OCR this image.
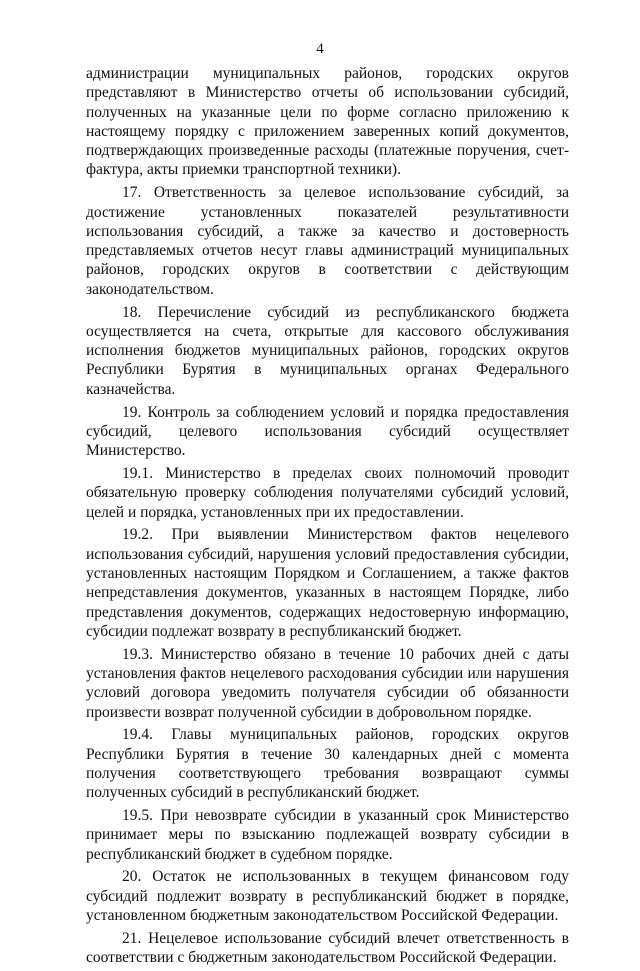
4

администрации муниципальных районов, городских округов представляют в Министерство отчеты об использовании субсидий, полученных на указанные цели по форме согласно приложению к настоящему порядку с приложением заверенных копий документов, подтверждающих произведенные расходы (платежные поручения, счет-фактура, акты приемки транспортной техники).

17. Ответственность за целевое использование субсидий, за достижение установленных показателей результативности использования субсидий, а также за качество и достоверность представляемых отчетов несут главы администраций муниципальных районов, городских округов в соответствии с действующим законодательством.

18. Перечисление субсидий из республиканского бюджета осуществляется на счета, открытые для кассового обслуживания исполнения бюджетов муниципальных районов, городских округов Республики Бурятия в муниципальных органах Федерального казначейства.

19. Контроль за соблюдением условий и порядка предоставления субсидий, целевого использования субсидий осуществляет Министерство.

19.1. Министерство в пределах своих полномочий проводит обязательную проверку соблюдения получателями субсидий условий, целей и порядка, установленных при их предоставлении.

19.2. При выявлении Министерством фактов нецелевого использования субсидий, нарушения условий предоставления субсидии, установленных настоящим Порядком и Соглашением, а также фактов непредставления документов, указанных в настоящем Порядке, либо представления документов, содержащих недостоверную информацию, субсидии подлежат возврату в республиканский бюджет.

19.3. Министерство обязано в течение 10 рабочих дней с даты установления фактов нецелевого расходования субсидии или нарушения условий договора уведомить получателя субсидии об обязанности произвести возврат полученной субсидии в добровольном порядке.

19.4. Главы муниципальных районов, городских округов Республики Бурятия в течение 30 календарных дней с момента получения соответствующего требования возвращают суммы полученных субсидий в республиканский бюджет.

19.5. При невозврате субсидии в указанный срок Министерство принимает меры по взысканию подлежащей возврату субсидии в республиканский бюджет в судебном порядке.

20. Остаток не использованных в текущем финансовом году субсидий подлежит возврату в республиканский бюджет в порядке, установленном бюджетным законодательством Российской Федерации.

21. Нецелевое использование субсидий влечет ответственность в соответствии с бюджетным законодательством Российской Федерации.
